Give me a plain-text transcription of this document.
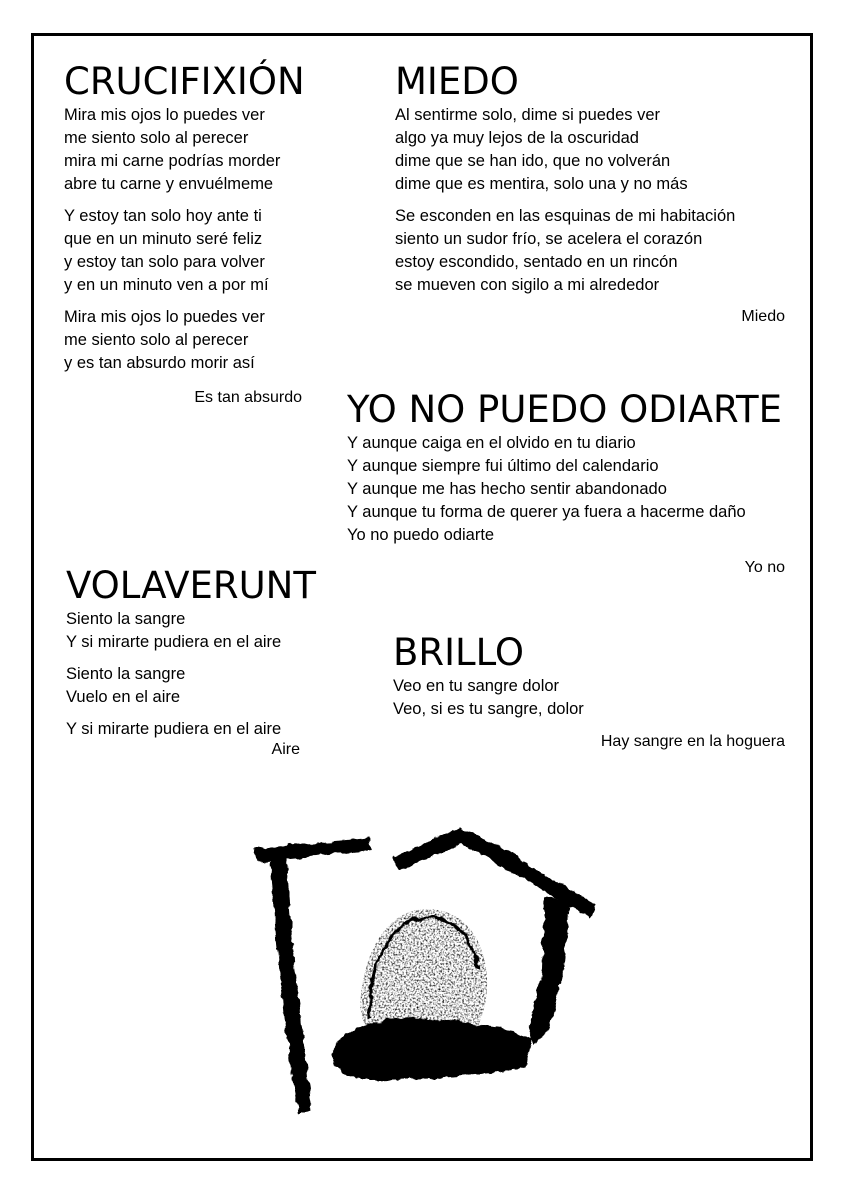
CRUCIFIXIÓN
Mira mis ojos lo puedes ver
me siento solo al perecer
mira mi carne podrías morder
abre tu carne y envuélmeme
Y estoy tan solo hoy ante ti
que en un minuto seré feliz
y estoy tan solo para volver
y en un minuto ven a por mí
Mira mis ojos lo puedes ver
me siento solo al perecer
y es tan absurdo morir así
Es tan absurdo
MIEDO
Al sentirme solo, dime si puedes ver
algo ya muy lejos de la oscuridad
dime que se han ido, que no volverán
dime que es mentira, solo una y no más
Se esconden en las esquinas de mi habitación
siento un sudor frío, se acelera el corazón
estoy escondido, sentado en un rincón
se mueven con sigilo a mi alrededor
Miedo
YO NO PUEDO ODIARTE
Y aunque caiga en el olvido en tu diario
Y aunque siempre fui último del calendario
Y aunque me has hecho sentir abandonado
Y aunque tu forma de querer ya fuera a hacerme daño
Yo no puedo odiarte
Yo no
VOLAVERUNT
Siento la sangre
Y si mirarte pudiera en el aire
Siento la sangre
Vuelo en el aire
Y si mirarte pudiera en el aire
Aire
BRILLO
Veo en tu sangre dolor
Veo, si es tu sangre, dolor
Hay sangre en la hoguera
